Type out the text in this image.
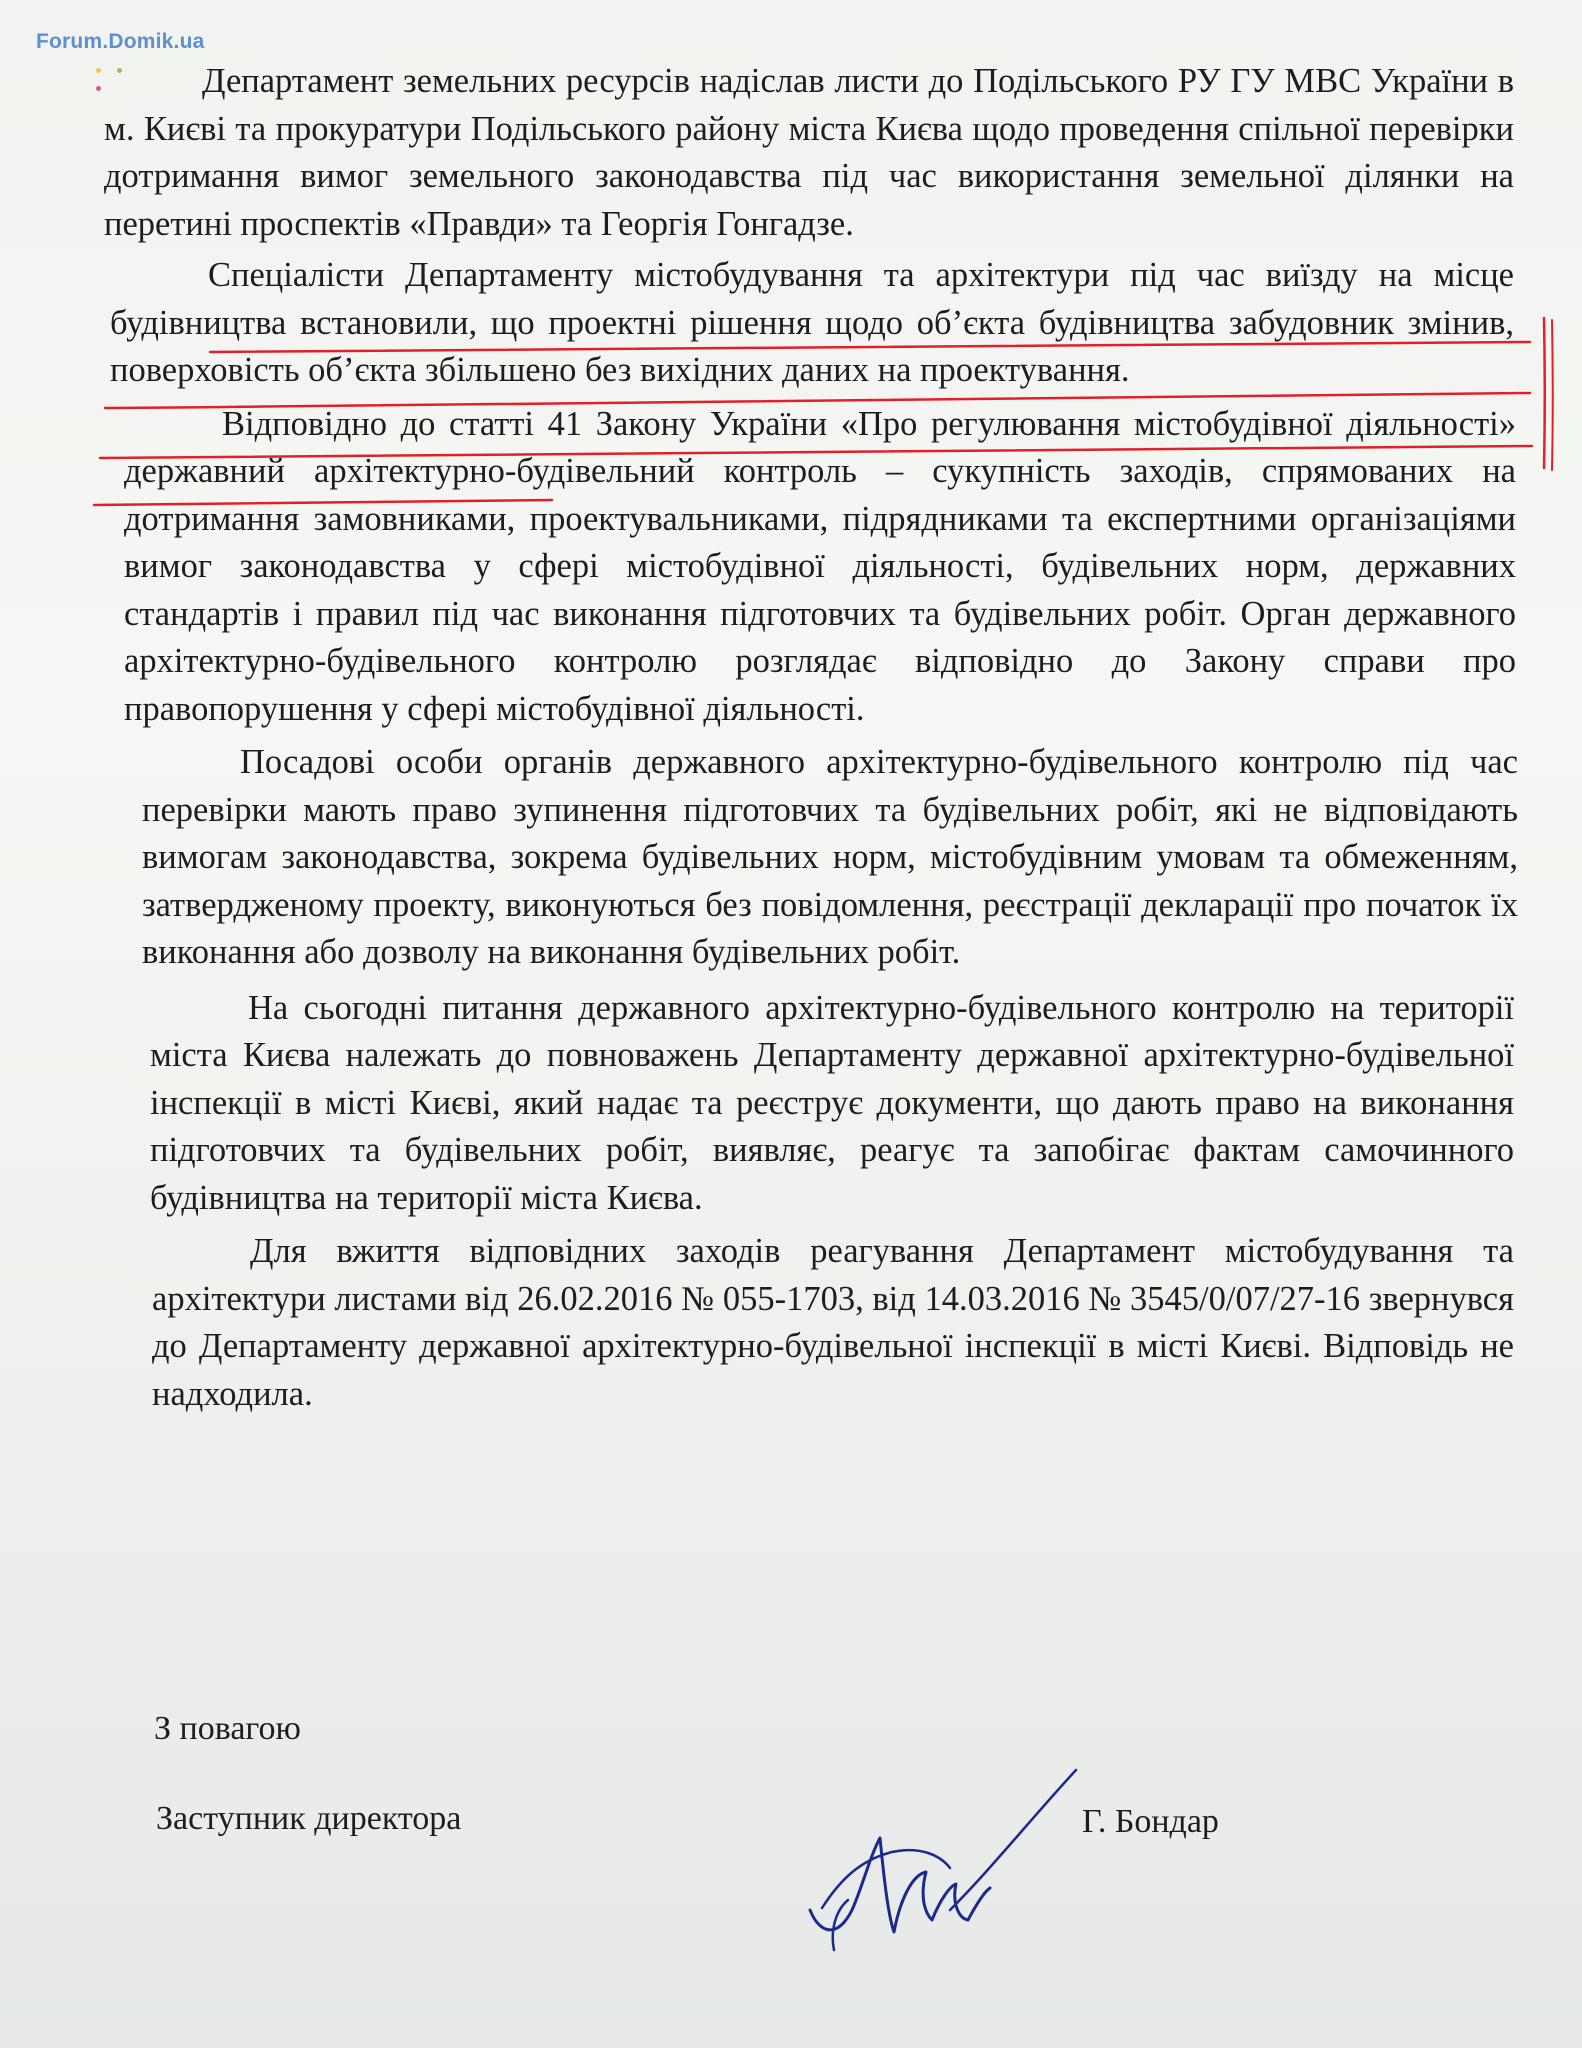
Forum.Domik.ua

Департамент земельних ресурсів надіслав листи до Подільського РУ ГУ МВС України в м. Києві та прокуратури Подільського району міста Києва щодо проведення спільної перевірки дотримання вимог земельного законодавства під час використання земельної ділянки на перетині проспектів «Правди» та Георгія Гонгадзе.

Спеціалісти Департаменту містобудування та архітектури під час виїзду на місце будівництва встановили, що проектні рішення щодо об’єкта будівництва забудовник змінив, поверховість об’єкта збільшено без вихідних даних на проектування.

Відповідно до статті 41 Закону України «Про регулювання містобудівної діяльності» державний архітектурно-будівельний контроль – сукупність заходів, спрямованих на дотримання замовниками, проектувальниками, підрядниками та експертними організаціями вимог законодавства у сфері містобудівної діяльності, будівельних норм, державних стандартів і правил під час виконання підготовчих та будівельних робіт. Орган державного архітектурно-будівельного контролю розглядає відповідно до Закону справи про правопорушення у сфері містобудівної діяльності.

Посадові особи органів державного архітектурно-будівельного контролю під час перевірки мають право зупинення підготовчих та будівельних робіт, які не відповідають вимогам законодавства, зокрема будівельних норм, містобудівним умовам та обмеженням, затвердженому проекту, виконуються без повідомлення, реєстрації декларації про початок їх виконання або дозволу на виконання будівельних робіт.

На сьогодні питання державного архітектурно-будівельного контролю на території міста Києва належать до повноважень Департаменту державної архітектурно-будівельної інспекції в місті Києві, який надає та реєструє документи, що дають право на виконання підготовчих та будівельних робіт, виявляє, реагує та запобігає фактам самочинного будівництва на території міста Києва.

Для вжиття відповідних заходів реагування Департамент містобудування та архітектури листами від 26.02.2016 № 055-1703, від 14.03.2016 № 3545/0/07/27-16 звернувся до Департаменту державної архітектурно-будівельної інспекції в місті Києві. Відповідь не надходила.

З повагою
Заступник директора	Г. Бондар
